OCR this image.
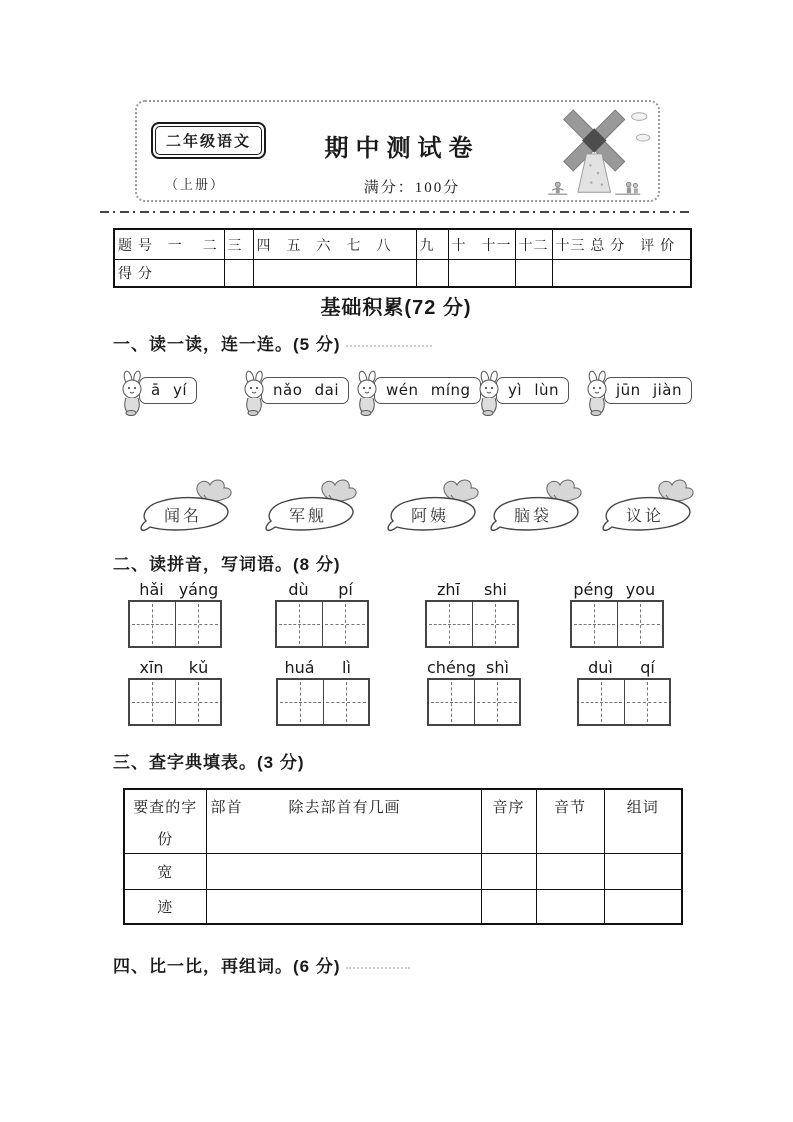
二年级语文
（上册）
期中测试卷
满分：100分
题 号　一　 二	三	四　五　六　七　八	九	十　十一	十二	十三 总 分　评 价
得 分						
基础积累(72 分)
一、读一读，连一连。(5 分)
ā yí	nǎo dai	wén míng	yì lùn	jūn jiàn
闻名	军舰	阿姨	脑袋	议论
二、读拼音，写词语。(8 分)
hǎi yáng	dù	pí	zhī	shi	péng you
xīn	kǔ	huá	lì	chéng shì	duì	qí
三、查字典填表。(3 分)
要查的字	部首 除去部首有几画	音序	音节	组词
份				
宽				
迹				
四、比一比，再组词。(6 分)
